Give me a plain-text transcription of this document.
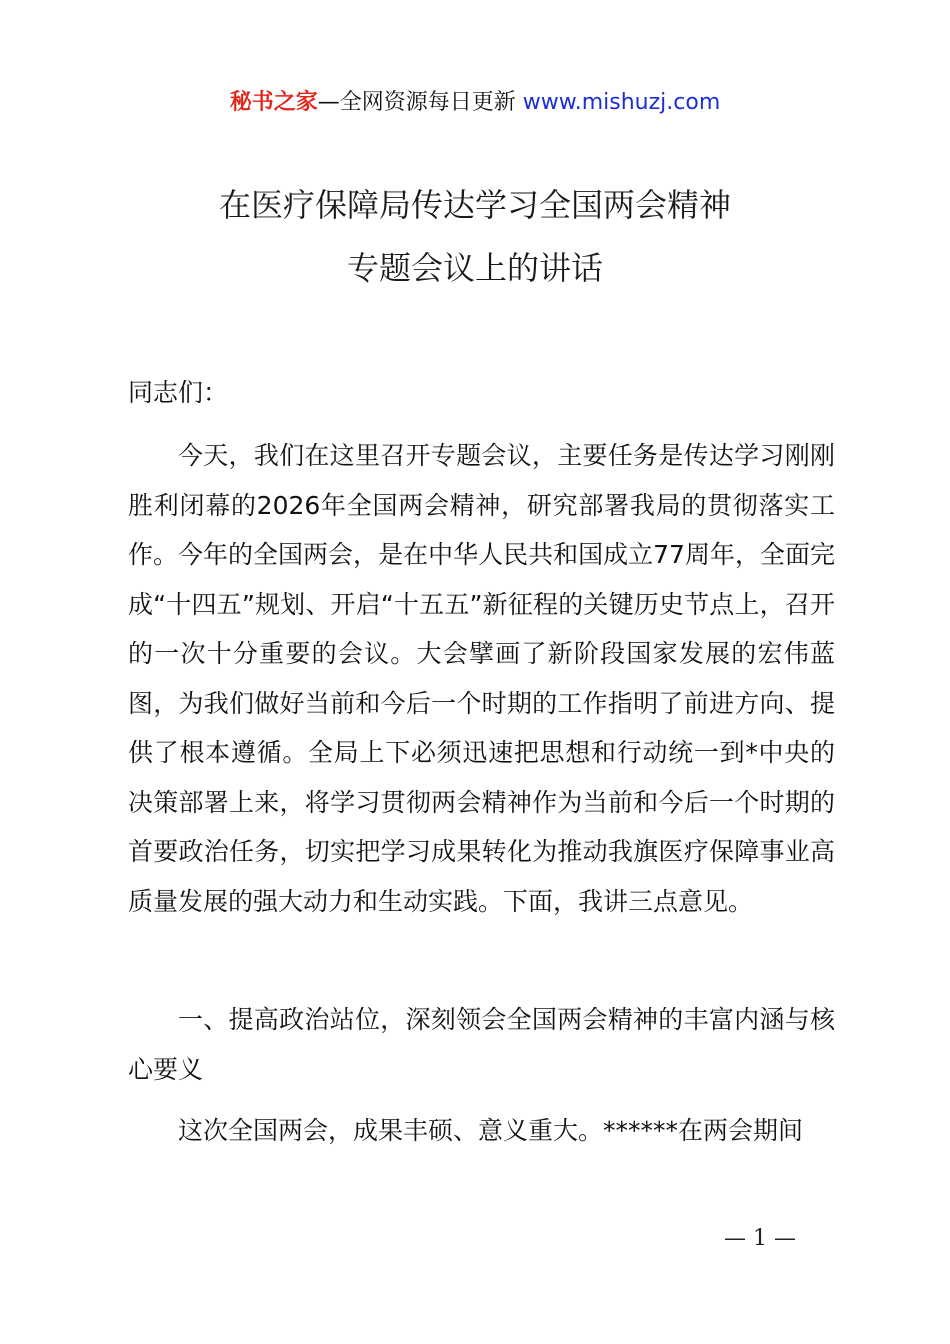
秘书之家—全网资源每日更新 www.mishuzj.com
在医疗保障局传达学习全国两会精神
专题会议上的讲话
同志们：
今天，我们在这里召开专题会议，主要任务是传达学习刚刚胜利闭幕的2026年全国两会精神，研究部署我局的贯彻落实工作。今年的全国两会，是在中华人民共和国成立77周年，全面完成“十四五”规划、开启“十五五”新征程的关键历史节点上，召开的一次十分重要的会议。大会擘画了新阶段国家发展的宏伟蓝图，为我们做好当前和今后一个时期的工作指明了前进方向、提供了根本遵循。全局上下必须迅速把思想和行动统一到*中央的决策部署上来，将学习贯彻两会精神作为当前和今后一个时期的首要政治任务，切实把学习成果转化为推动我旗医疗保障事业高质量发展的强大动力和生动实践。下面，我讲三点意见。
一、提高政治站位，深刻领会全国两会精神的丰富内涵与核心要义
这次全国两会，成果丰硕、意义重大。******在两会期间
— 1 —
